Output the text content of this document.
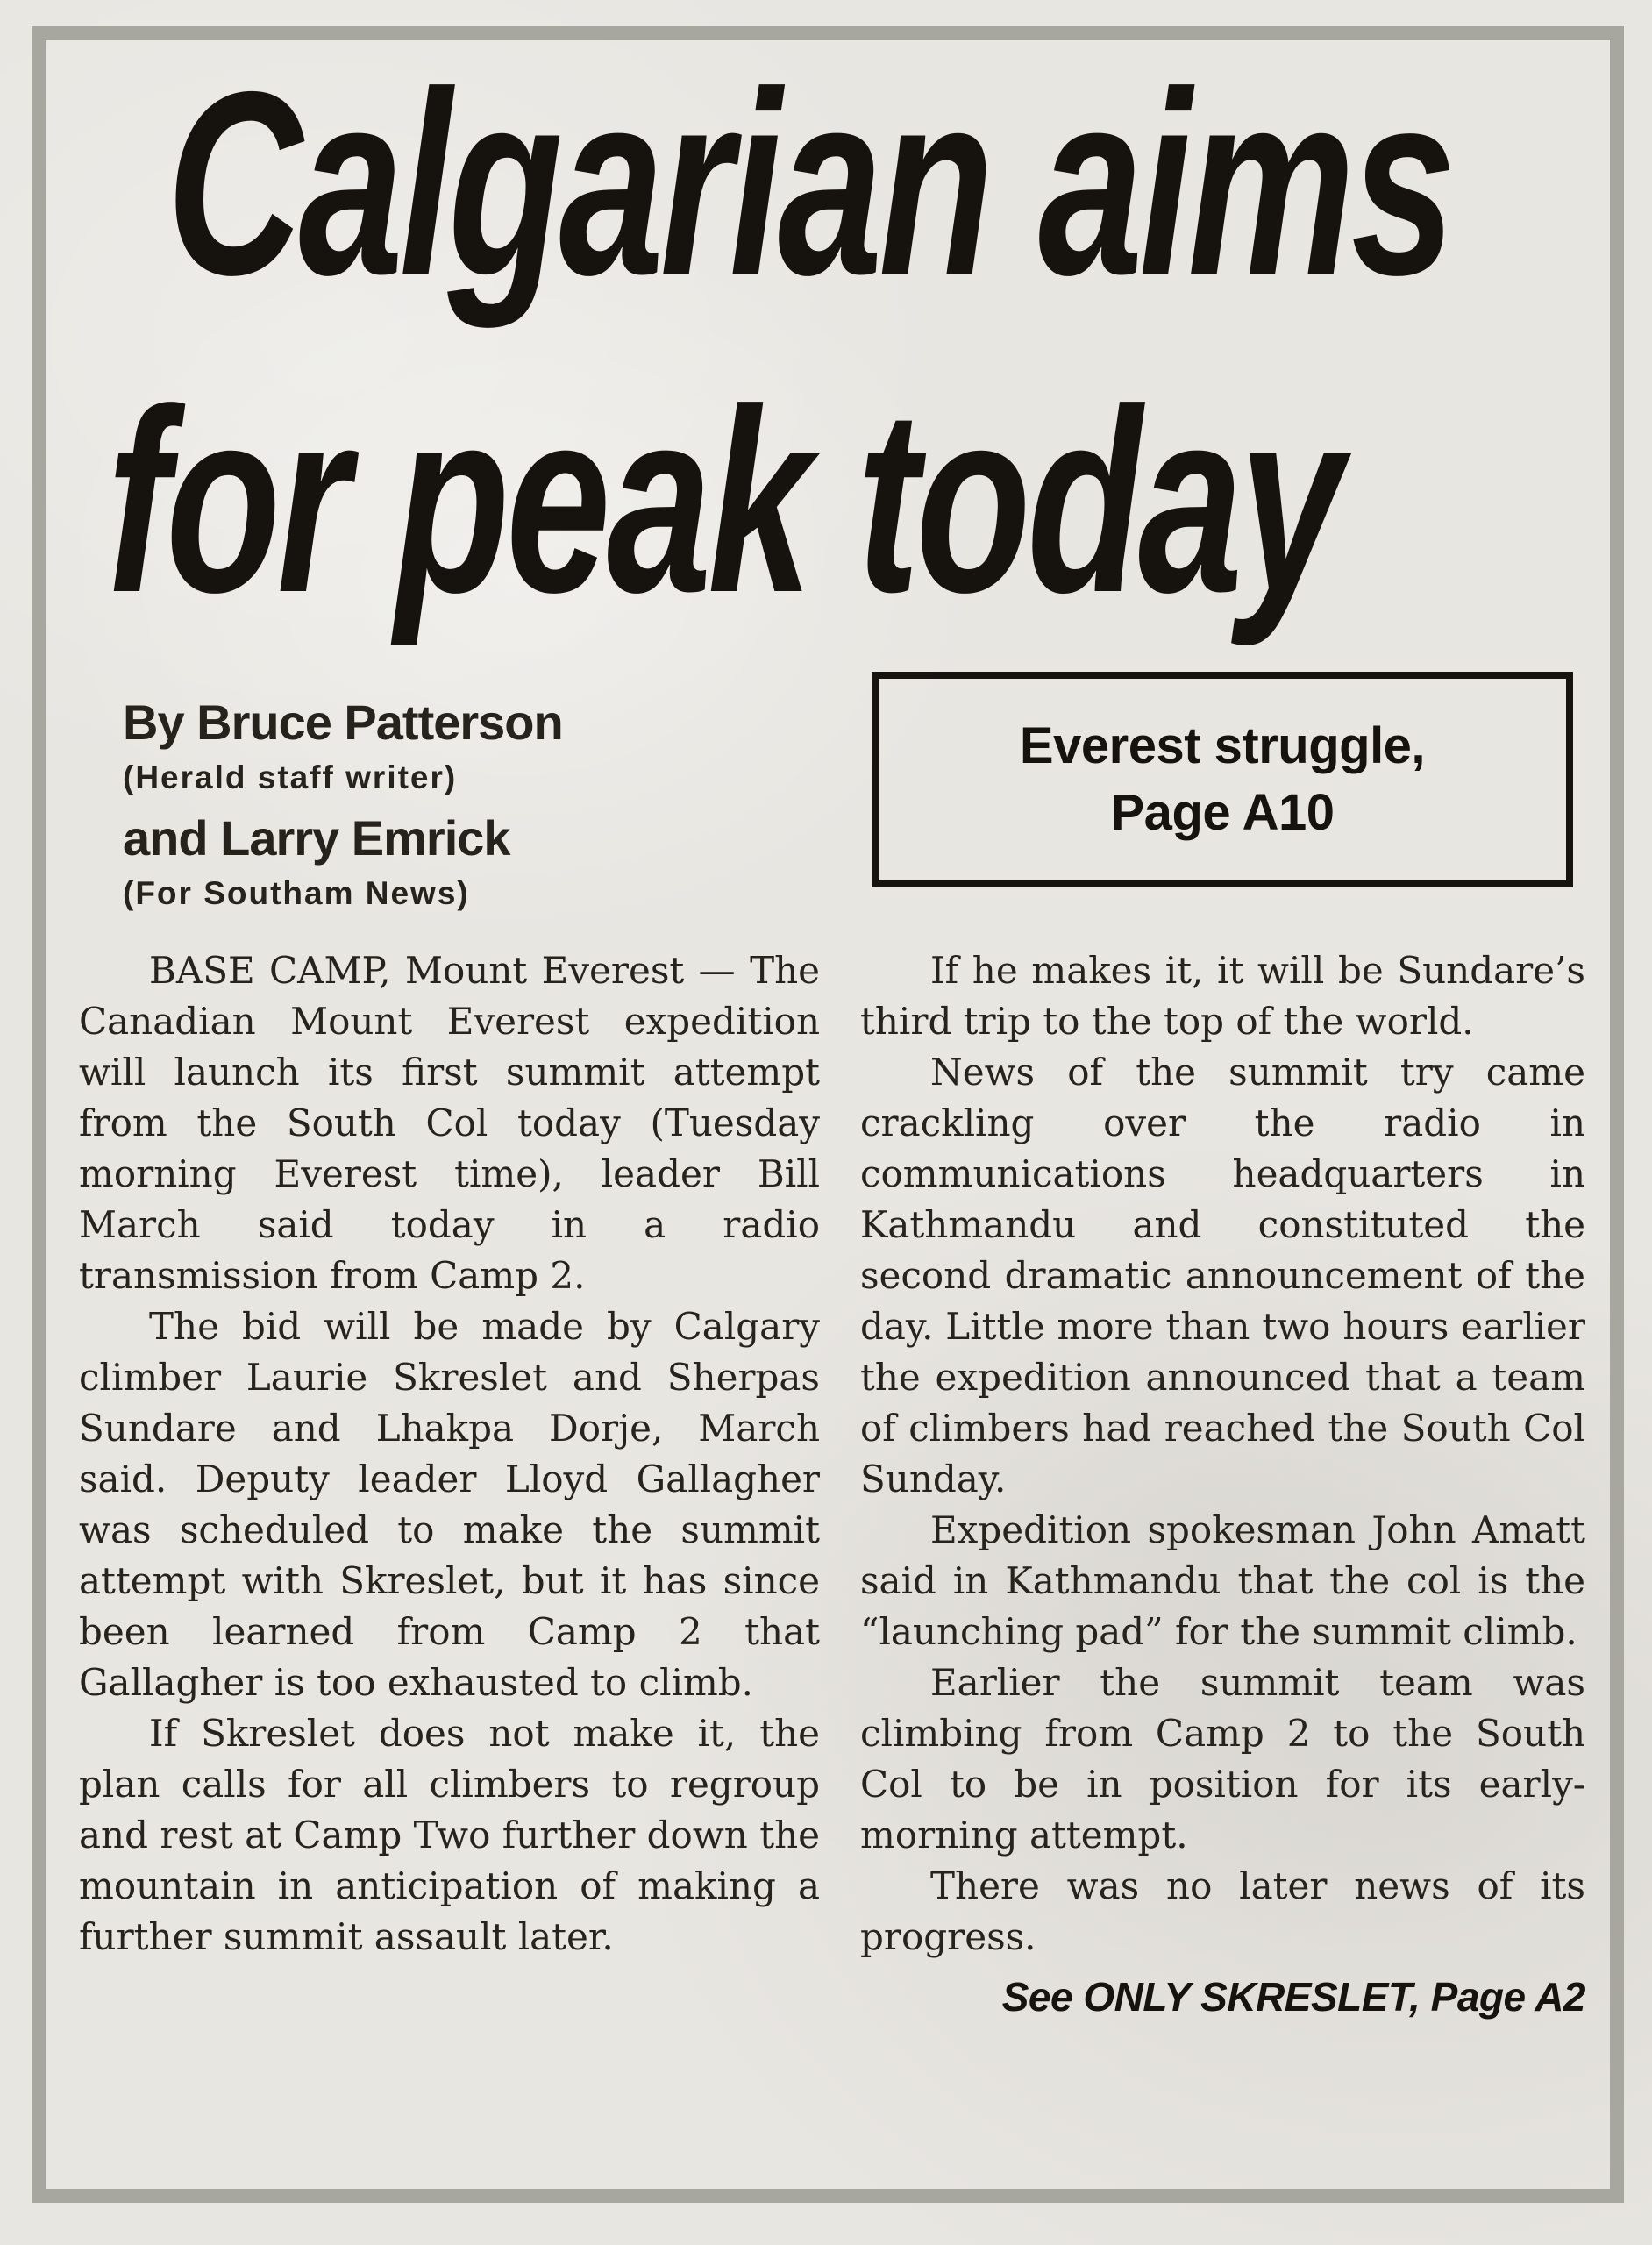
Calgarian aims
for peak today
By Bruce Patterson
(Herald staff writer)
and Larry Emrick
(For Southam News)
Everest struggle,
Page A10

BASE CAMP, Mount Everest — The Canadian Mount Everest expedition will launch its first summit attempt from the South Col today (Tuesday morning Everest time), leader Bill March said today in a radio transmission from Camp 2.

The bid will be made by Calgary climber Laurie Skreslet and Sherpas Sundare and Lhakpa Dorje, March said. Deputy leader Lloyd Gallagher was scheduled to make the summit attempt with Skreslet, but it has since been learned from Camp 2 that Gallagher is too exhausted to climb.

If Skreslet does not make it, the plan calls for all climbers to regroup and rest at Camp Two further down the mountain in anticipation of making a further summit assault later.

If he makes it, it will be Sundare’s third trip to the top of the world.

News of the summit try came crackling over the radio in communications headquarters in Kathmandu and constituted the second dramatic announcement of the day. Little more than two hours earlier the expedition announced that a team of climbers had reached the South Col Sunday.

Expedition spokesman John Amatt said in Kathmandu that the col is the “launching pad” for the summit climb.

Earlier the summit team was climbing from Camp 2 to the South Col to be in position for its early-morning attempt.

There was no later news of its progress.

See ONLY SKRESLET, Page A2
